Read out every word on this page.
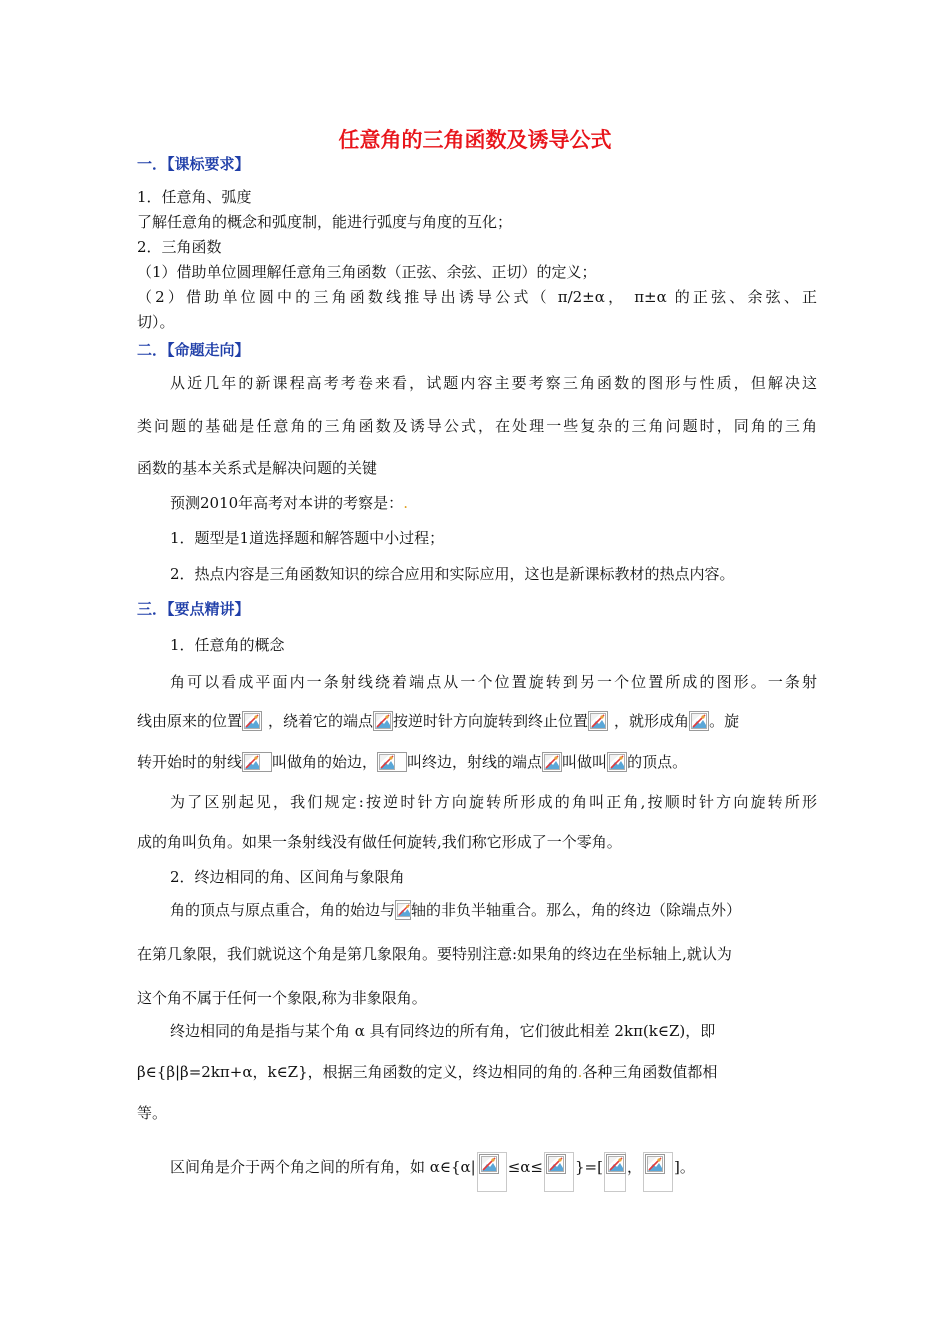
任意角的三角函数及诱导公式
一．【课标要求】
1．任意角、弧度
了解任意角的概念和弧度制，能进行弧度与角度的互化；
2．三角函数
（1）借助单位圆理解任意角三角函数（正弦、余弦、正切）的定义；
（2）借助单位圆中的三角函数线推导出诱导公式（ π/2±α， π±α 的正弦、余弦、正
切）。
二．【命题走向】
从近几年的新课程高考考卷来看，试题内容主要考察三角函数的图形与性质，但解决这
类问题的基础是任意角的三角函数及诱导公式，在处理一些复杂的三角问题时，同角的三角
函数的基本关系式是解决问题的关键
预测2010年高考对本讲的考察是：.
1．题型是1道选择题和解答题中小过程；
2．热点内容是三角函数知识的综合应用和实际应用，这也是新课标教材的热点内容。
三．【要点精讲】
1．任意角的概念
角可以看成平面内一条射线绕着端点从一个位置旋转到另一个位置所成的图形。一条射
线由原来的位置 ，绕着它的端点 按逆时针方向旋转到终止位置 ，就形成角 。旋
转开始时的射线 叫做角的始边， 叫终边，射线的端点 叫做叫 的顶点。
为了区别起见，我们规定:按逆时针方向旋转所形成的角叫正角,按顺时针方向旋转所形
成的角叫负角。如果一条射线没有做任何旋转,我们称它形成了一个零角。
2．终边相同的角、区间角与象限角
角的顶点与原点重合，角的始边与 轴的非负半轴重合。那么，角的终边（除端点外）
在第几象限，我们就说这个角是第几象限角。要特别注意:如果角的终边在坐标轴上,就认为
这个角不属于任何一个象限,称为非象限角。
终边相同的角是指与某个角 α 具有同终边的所有角，它们彼此相差 2kπ(k∈Z)，即
β∈{β|β=2kπ+α，k∈Z}，根据三角函数的定义，终边相同的角的.各种三角函数值都相
等。
区间角是介于两个角之间的所有角，如 α∈{α| ≤α≤ }=[ ， ]。
